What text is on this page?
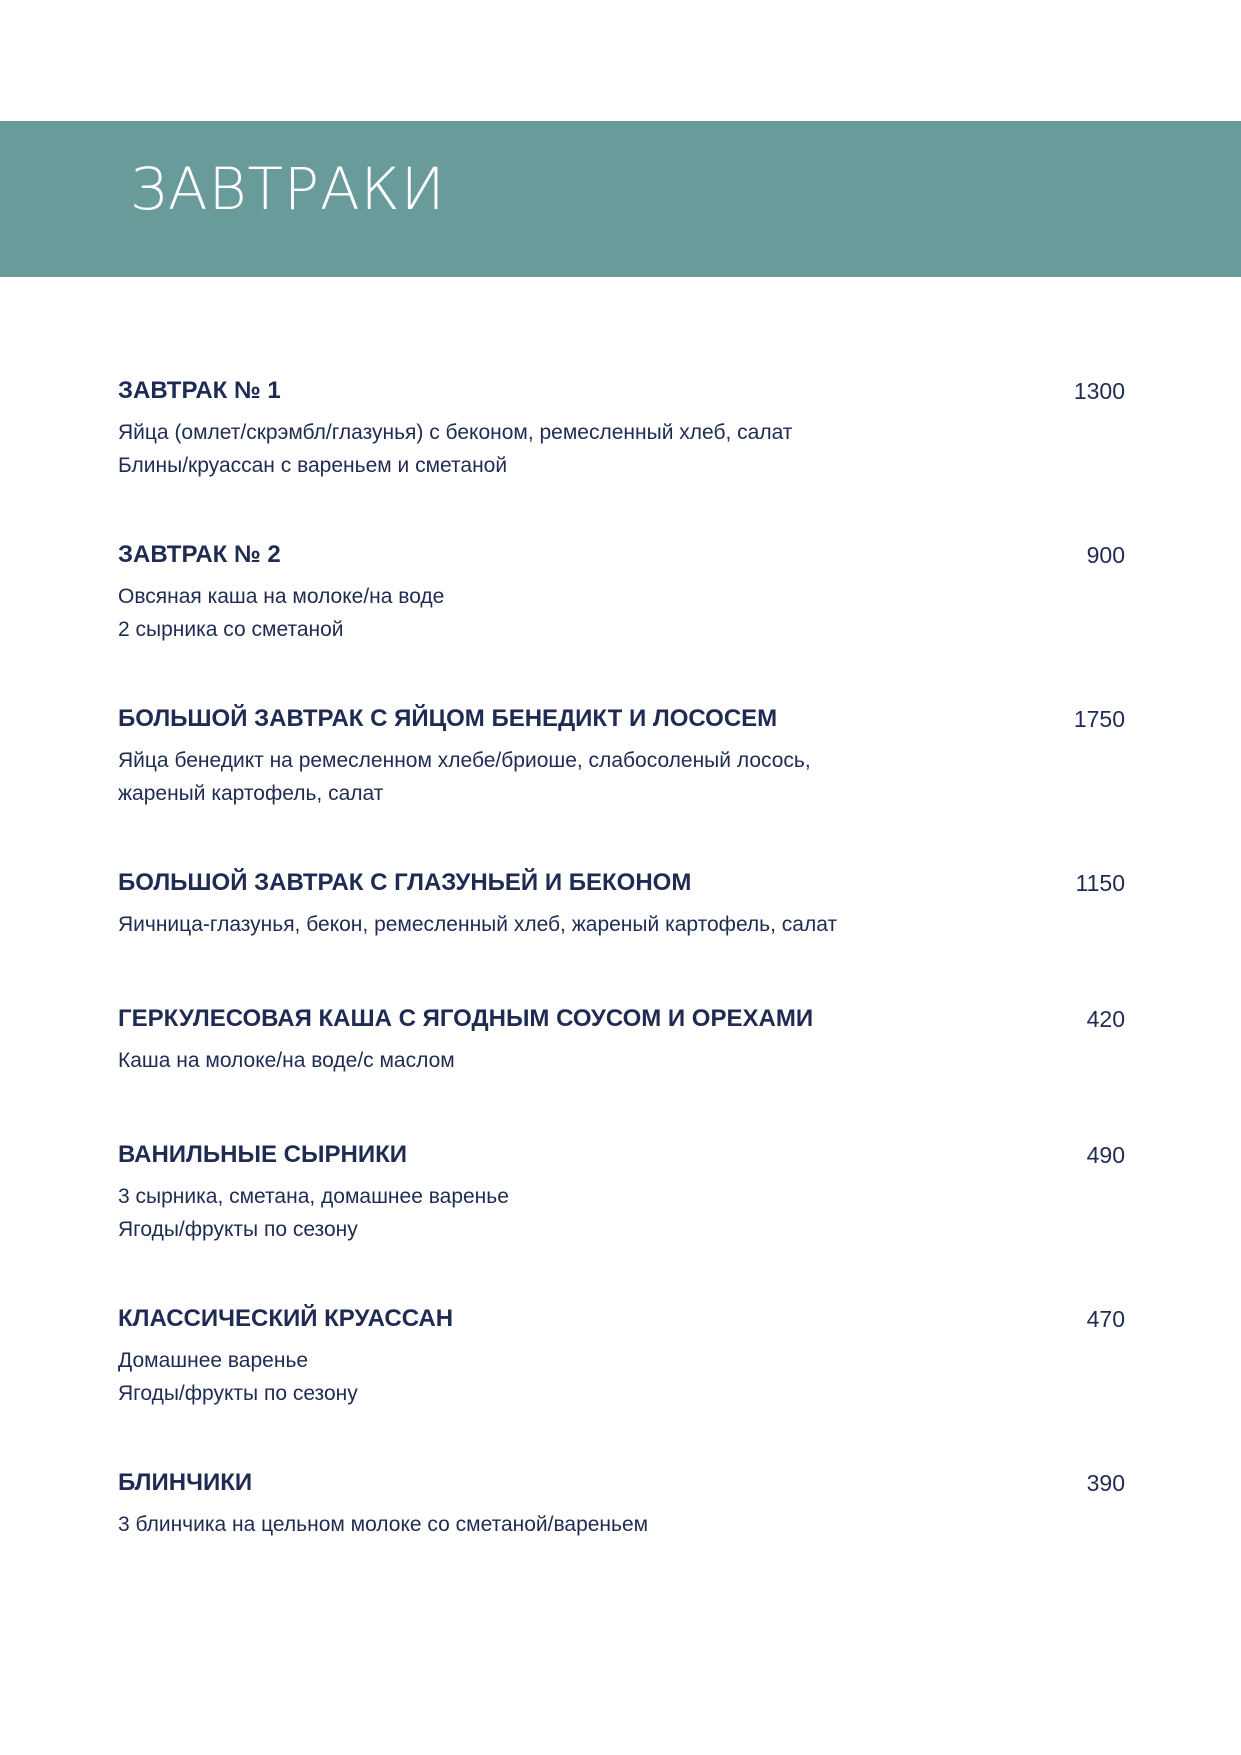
ЗАВТРАКИ
ЗАВТРАК № 1	1300
Яйца (омлет/скрэмбл/глазунья) с беконом, ремесленный хлеб, салат
Блины/круассан с вареньем и сметаной
ЗАВТРАК № 2	900
Овсяная каша на молоке/на воде
2 сырника со сметаной
БОЛЬШОЙ ЗАВТРАК С ЯЙЦОМ БЕНЕДИКТ И ЛОСОСЕМ	1750
Яйца бенедикт на ремесленном хлебе/бриоше, слабосоленый лосось,
жареный картофель, салат
БОЛЬШОЙ ЗАВТРАК С ГЛАЗУНЬЕЙ И БЕКОНОМ	1150
Яичница-глазунья, бекон, ремесленный хлеб, жареный картофель, салат
ГЕРКУЛЕСОВАЯ КАША С ЯГОДНЫМ СОУСОМ И ОРЕХАМИ	420
Каша на молоке/на воде/с маслом
ВАНИЛЬНЫЕ СЫРНИКИ	490
3 сырника, сметана, домашнее варенье
Ягоды/фрукты по сезону
КЛАССИЧЕСКИЙ КРУАССАН	470
Домашнее варенье
Ягоды/фрукты по сезону
БЛИНЧИКИ	390
3 блинчика на цельном молоке со сметаной/вареньем
